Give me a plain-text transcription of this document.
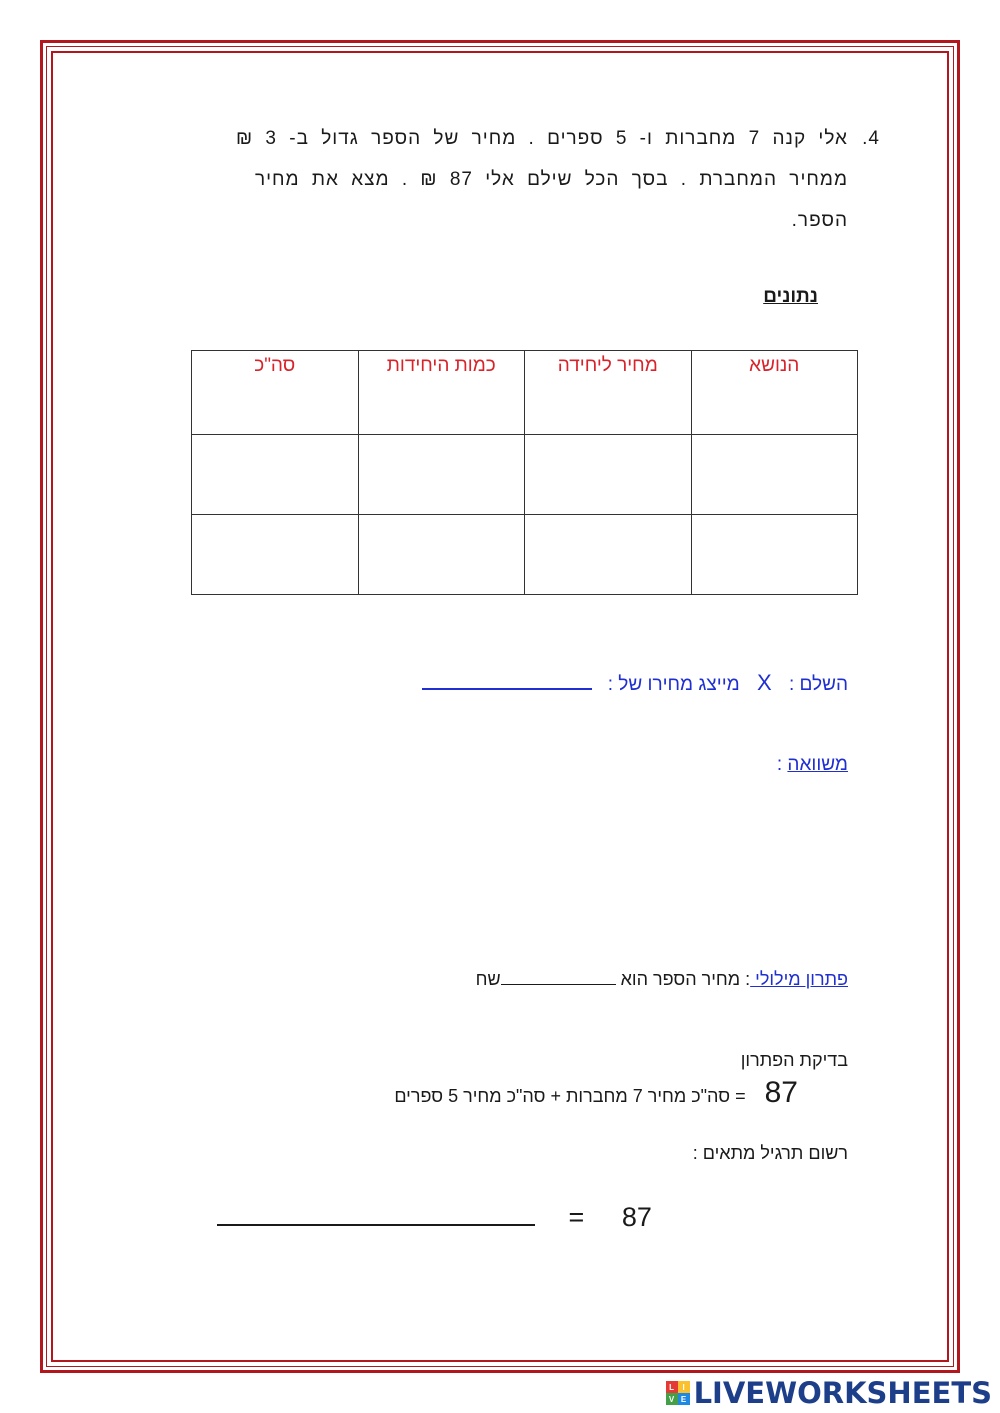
4.
אלי קנה 7 מחברות ו- 5 ספרים . מחיר של הספר גדול ב- 3 ₪
ממחיר המחברת . בסך הכל שילם אלי 87 ₪ . מצא את מחיר
הספר.
נתונים
הנושא	מחיר ליחידה	כמות היחידות	סה"כ

השלם : X מייצג מחירו של :
משוואה :
פתרון מילולי : מחיר הספר הוא שח
בדיקת הפתרון
87 = סה"כ מחיר 7 מחברות + סה"כ מחיר 5 ספרים
רשום תרגיל מתאים :
= 87
L	I
V E LIVEWORKSHEETS
